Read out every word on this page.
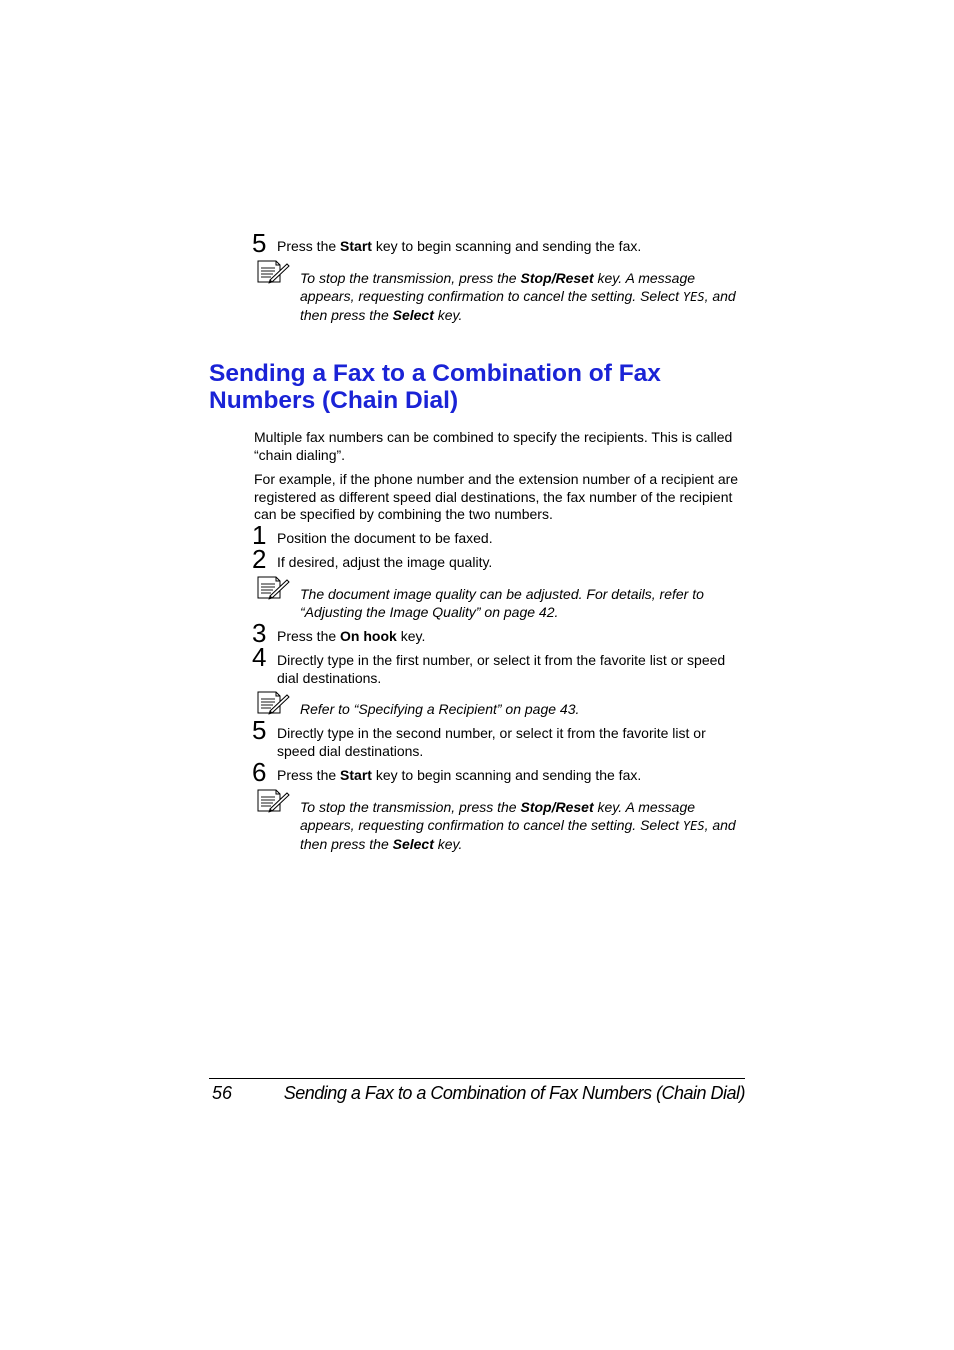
5 Press the Start key to begin scanning and sending the fax.
To stop the transmission, press the Stop/Reset key. A message appears, requesting confirmation to cancel the setting. Select YES, and then press the Select key.
Sending a Fax to a Combination of Fax Numbers (Chain Dial)
Multiple fax numbers can be combined to specify the recipients. This is called “chain dialing”.
For example, if the phone number and the extension number of a recipient are registered as different speed dial destinations, the fax number of the recipient can be specified by combining the two numbers.
1 Position the document to be faxed.
2 If desired, adjust the image quality.
The document image quality can be adjusted. For details, refer to “Adjusting the Image Quality” on page 42.
3 Press the On hook key.
4 Directly type in the first number, or select it from the favorite list or speed dial destinations.
Refer to “Specifying a Recipient” on page 43.
5 Directly type in the second number, or select it from the favorite list or speed dial destinations.
6 Press the Start key to begin scanning and sending the fax.
To stop the transmission, press the Stop/Reset key. A message appears, requesting confirmation to cancel the setting. Select YES, and then press the Select key.
56	Sending a Fax to a Combination of Fax Numbers (Chain Dial)
